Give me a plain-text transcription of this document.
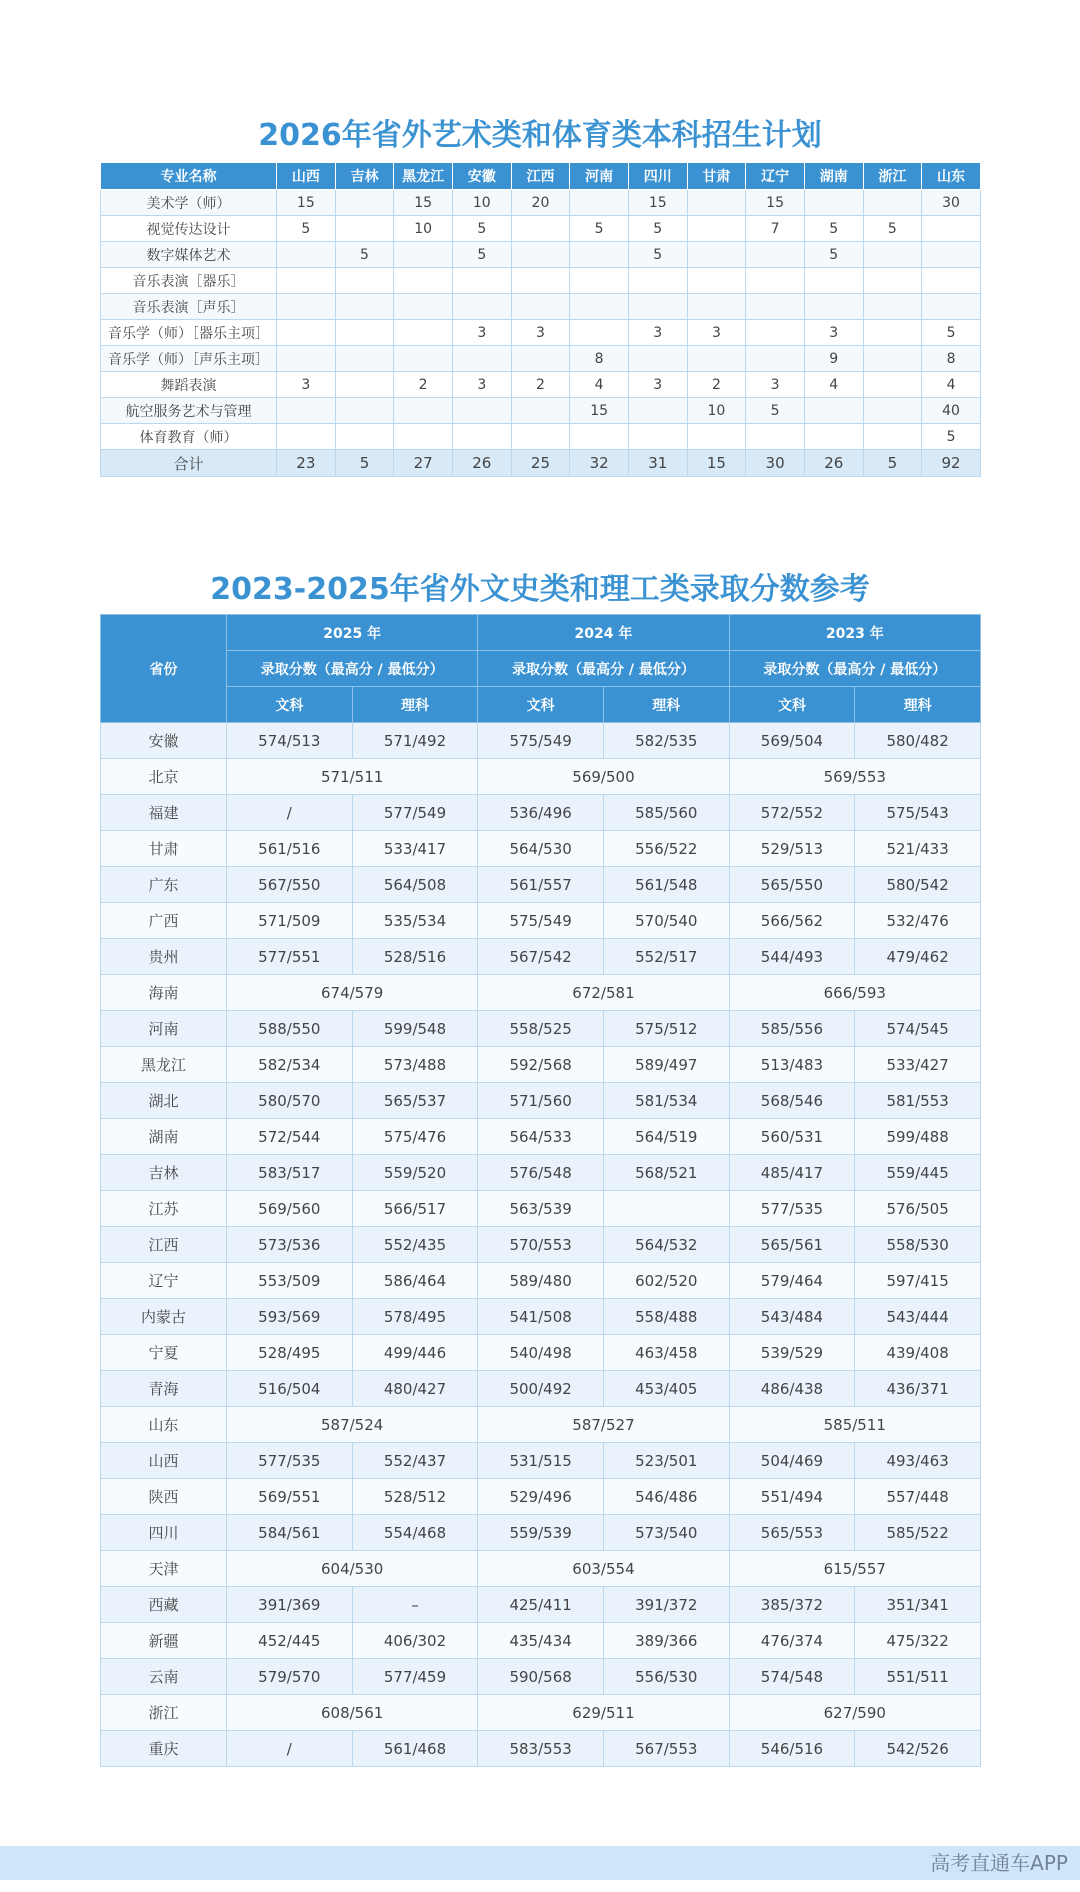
2026年省外艺术类和体育类本科招生计划
专业名称	山西	吉林	黑龙江	安徽	江西	河南	四川	甘肃	辽宁	湖南	浙江	山东
美术学（师）	15		15	10	20		15		15			30
视觉传达设计	5		10	5		5	5		7	5	5	
数字媒体艺术		5		5			5			5		
音乐表演［器乐］												
音乐表演［声乐］												
音乐学（师）［器乐主项］				3	3		3	3		3		5
音乐学（师）［声乐主项］						8				9		8
舞蹈表演	3		2	3	2	4	3	2	3	4		4
航空服务艺术与管理						15		10	5			40
体育教育（师）												5
合计	23	5	27	26	25	32	31	15	30	26	5	92
2023-2025年省外文史类和理工类录取分数参考
省份	2025 年		2024 年		2023 年	
	录取分数（最高分 / 最低分）		录取分数（最高分 / 最低分）		录取分数（最高分 / 最低分）	
	文科	理科	文科	理科	文科	理科
安徽	574/513	571/492	575/549	582/535	569/504	580/482
北京	571/511		569/500		569/553	
福建	/	577/549	536/496	585/560	572/552	575/543
甘肃	561/516	533/417	564/530	556/522	529/513	521/433
广东	567/550	564/508	561/557	561/548	565/550	580/542
广西	571/509	535/534	575/549	570/540	566/562	532/476
贵州	577/551	528/516	567/542	552/517	544/493	479/462
海南	674/579		672/581		666/593	
河南	588/550	599/548	558/525	575/512	585/556	574/545
黑龙江	582/534	573/488	592/568	589/497	513/483	533/427
湖北	580/570	565/537	571/560	581/534	568/546	581/553
湖南	572/544	575/476	564/533	564/519	560/531	599/488
吉林	583/517	559/520	576/548	568/521	485/417	559/445
江苏	569/560	566/517	563/539		577/535	576/505
江西	573/536	552/435	570/553	564/532	565/561	558/530
辽宁	553/509	586/464	589/480	602/520	579/464	597/415
内蒙古	593/569	578/495	541/508	558/488	543/484	543/444
宁夏	528/495	499/446	540/498	463/458	539/529	439/408
青海	516/504	480/427	500/492	453/405	486/438	436/371
山东	587/524		587/527		585/511	
山西	577/535	552/437	531/515	523/501	504/469	493/463
陕西	569/551	528/512	529/496	546/486	551/494	557/448
四川	584/561	554/468	559/539	573/540	565/553	585/522
天津	604/530		603/554		615/557	
西藏	391/369	–	425/411	391/372	385/372	351/341
新疆	452/445	406/302	435/434	389/366	476/374	475/322
云南	579/570	577/459	590/568	556/530	574/548	551/511
浙江	608/561		629/511		627/590	
重庆	/	561/468	583/553	567/553	546/516	542/526
高考直通车APP
